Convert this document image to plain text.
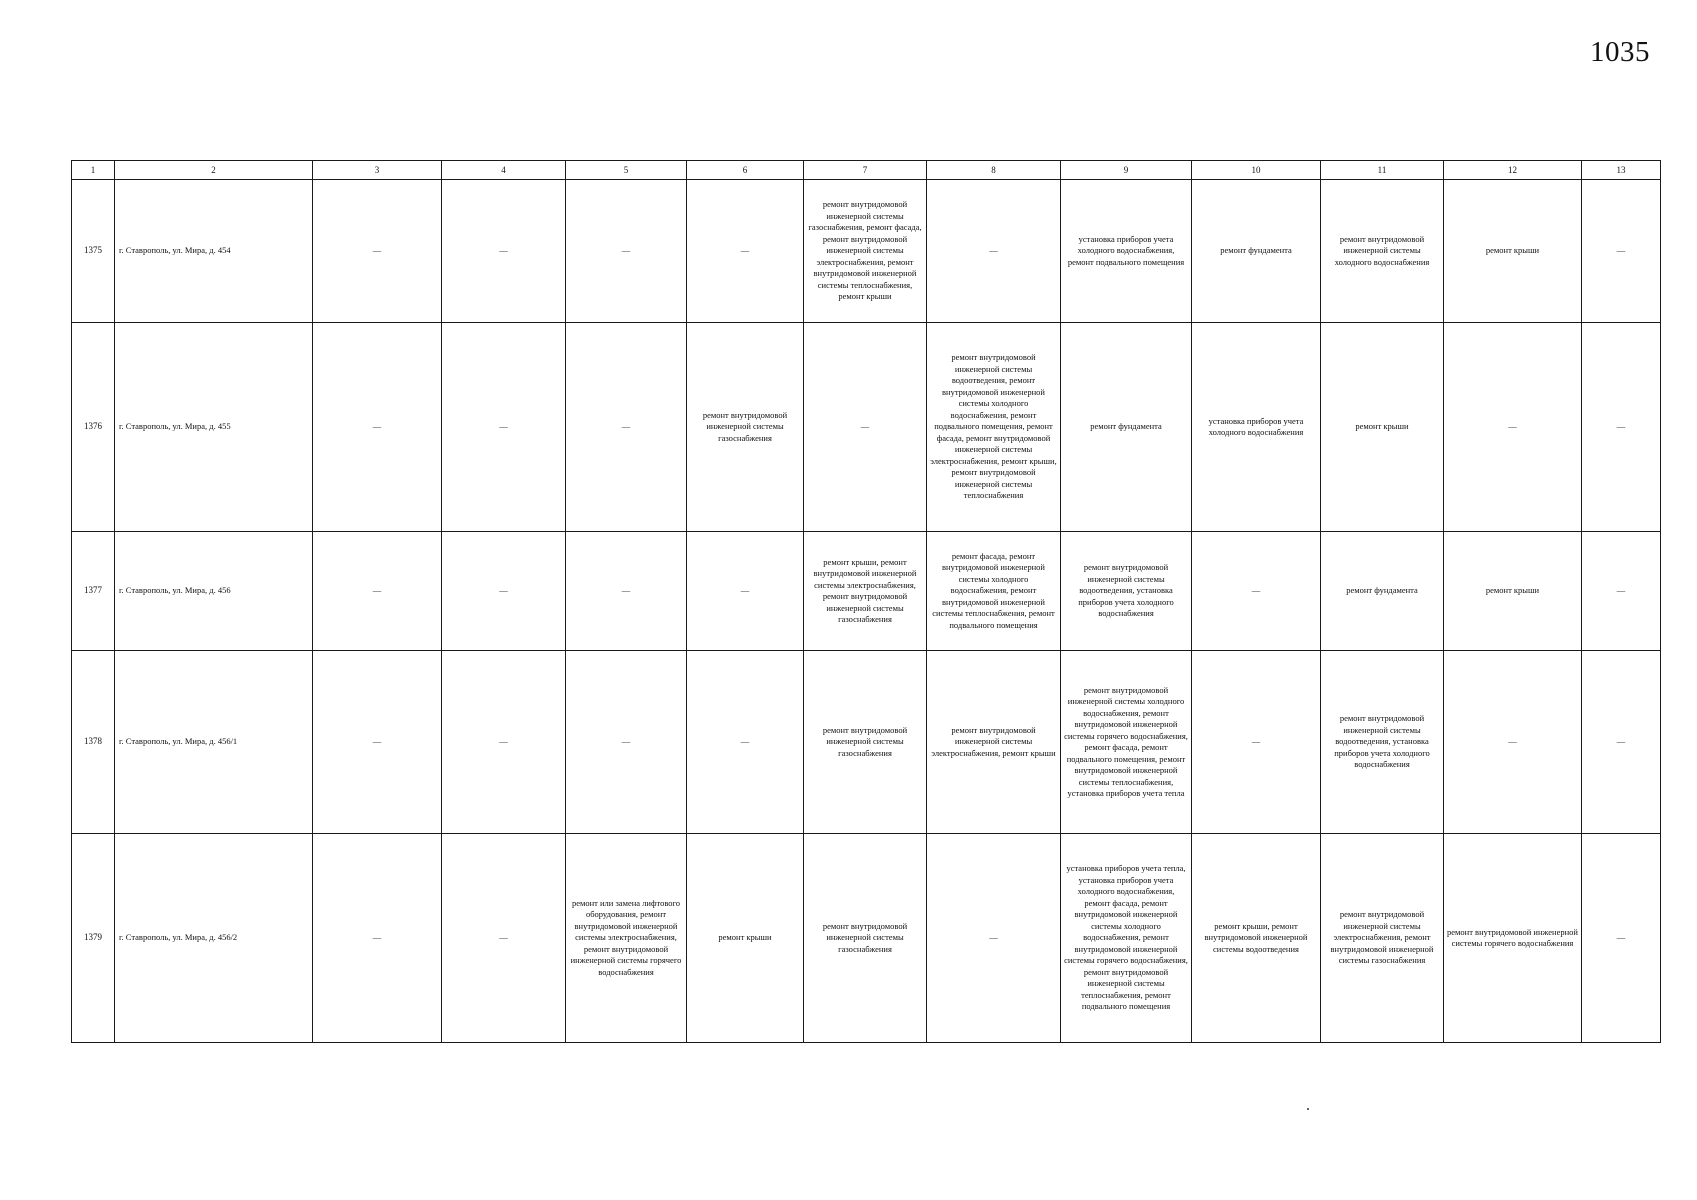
1035
1	2	3	4	5	6	7	8	9	10	11	12	13
1375	г. Ставрополь, ул. Мира, д. 454	—	—	—	—	ремонт внутридомовой инженерной системы газоснабжения, ремонт фасада, ремонт внутридомовой инженерной системы электроснабжения, ремонт внутридомовой инженерной системы теплоснабжения, ремонт крыши	—	установка приборов учета холодного водоснабжения, ремонт подвального помещения	ремонт фундамента	ремонт внутридомовой инженерной системы холодного водоснабжения	ремонт крыши	—
1376	г. Ставрополь, ул. Мира, д. 455	—	—	—	ремонт внутридомовой инженерной системы газоснабжения	—	ремонт внутридомовой инженерной системы водоотведения, ремонт внутридомовой инженерной системы холодного водоснабжения, ремонт подвального помещения, ремонт фасада, ремонт внутридомовой инженерной системы электроснабжения, ремонт крыши, ремонт внутридомовой инженерной системы теплоснабжения	ремонт фундамента	установка приборов учета холодного водоснабжения	ремонт крыши	—	—
1377	г. Ставрополь, ул. Мира, д. 456	—	—	—	—	ремонт крыши, ремонт внутридомовой инженерной системы электроснабжения, ремонт внутридомовой инженерной системы газоснабжения	ремонт фасада, ремонт внутридомовой инженерной системы холодного водоснабжения, ремонт внутридомовой инженерной системы теплоснабжения, ремонт подвального помещения	ремонт внутридомовой инженерной системы водоотведения, установка приборов учета холодного водоснабжения	—	ремонт фундамента	ремонт крыши	—
1378	г. Ставрополь, ул. Мира, д. 456/1	—	—	—	—	ремонт внутридомовой инженерной системы газоснабжения	ремонт внутридомовой инженерной системы электроснабжения, ремонт крыши	ремонт внутридомовой инженерной системы холодного водоснабжения, ремонт внутридомовой инженерной системы горячего водоснабжения, ремонт фасада, ремонт подвального помещения, ремонт внутридомовой инженерной системы теплоснабжения, установка приборов учета тепла	—	ремонт внутридомовой инженерной системы водоотведения, установка приборов учета холодного водоснабжения	—	—
1379	г. Ставрополь, ул. Мира, д. 456/2	—	—	ремонт или замена лифтового оборудования, ремонт внутридомовой инженерной системы электроснабжения, ремонт внутридомовой инженерной системы горячего водоснабжения	ремонт крыши	ремонт внутридомовой инженерной системы газоснабжения	—	установка приборов учета тепла, установка приборов учета холодного водоснабжения, ремонт фасада, ремонт внутридомовой инженерной системы холодного водоснабжения, ремонт внутридомовой инженерной системы горячего водоснабжения, ремонт внутридомовой инженерной системы теплоснабжения, ремонт подвального помещения	ремонт крыши, ремонт внутридомовой инженерной системы водоотведения	ремонт внутридомовой инженерной системы электроснабжения, ремонт внутридомовой инженерной системы газоснабжения	ремонт внутридомовой инженерной системы горячего водоснабжения	—
